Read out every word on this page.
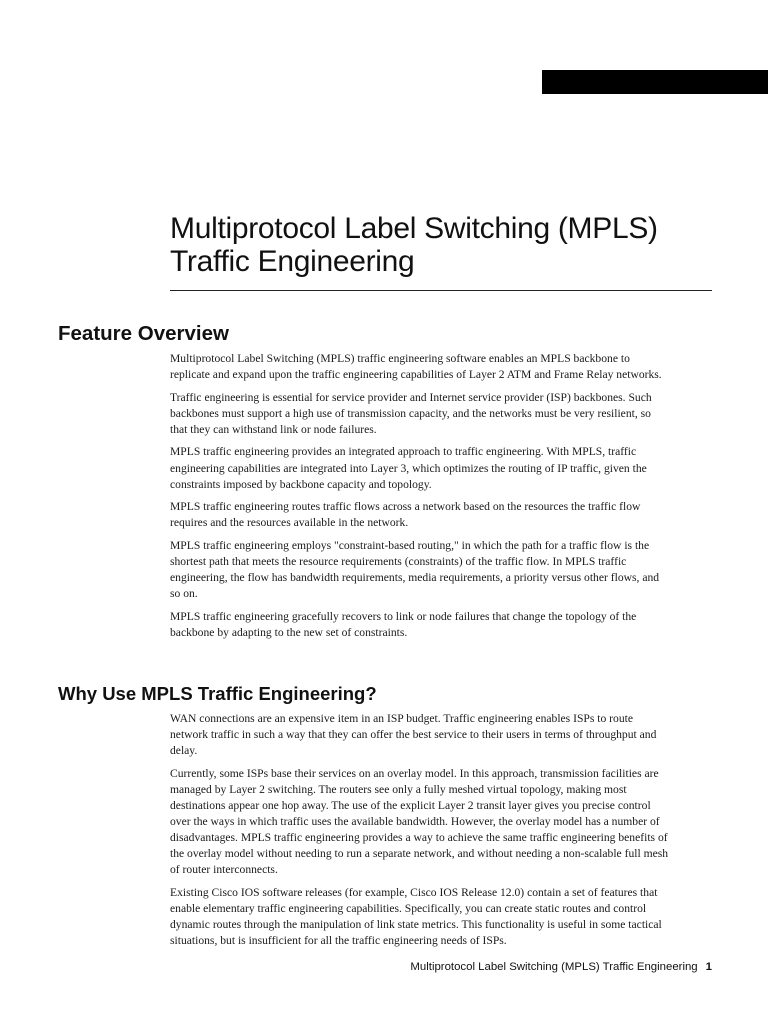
Multiprotocol Label Switching (MPLS)
Traffic Engineering
Feature Overview

Multiprotocol Label Switching (MPLS) traffic engineering software enables an MPLS backbone to replicate and expand upon the traffic engineering capabilities of Layer 2 ATM and Frame Relay networks.

Traffic engineering is essential for service provider and Internet service provider (ISP) backbones. Such backbones must support a high use of transmission capacity, and the networks must be very resilient, so that they can withstand link or node failures.

MPLS traffic engineering provides an integrated approach to traffic engineering. With MPLS, traffic engineering capabilities are integrated into Layer 3, which optimizes the routing of IP traffic, given the constraints imposed by backbone capacity and topology.

MPLS traffic engineering routes traffic flows across a network based on the resources the traffic flow requires and the resources available in the network.

MPLS traffic engineering employs "constraint-based routing," in which the path for a traffic flow is the shortest path that meets the resource requirements (constraints) of the traffic flow. In MPLS traffic engineering, the flow has bandwidth requirements, media requirements, a priority versus other flows, and so on.

MPLS traffic engineering gracefully recovers to link or node failures that change the topology of the backbone by adapting to the new set of constraints.

Why Use MPLS Traffic Engineering?

WAN connections are an expensive item in an ISP budget. Traffic engineering enables ISPs to route network traffic in such a way that they can offer the best service to their users in terms of throughput and delay.

Currently, some ISPs base their services on an overlay model. In this approach, transmission facilities are managed by Layer 2 switching. The routers see only a fully meshed virtual topology, making most destinations appear one hop away. The use of the explicit Layer 2 transit layer gives you precise control over the ways in which traffic uses the available bandwidth. However, the overlay model has a number of disadvantages. MPLS traffic engineering provides a way to achieve the same traffic engineering benefits of the overlay model without needing to run a separate network, and without needing a non-scalable full mesh of router interconnects.

Existing Cisco IOS software releases (for example, Cisco IOS Release 12.0) contain a set of features that enable elementary traffic engineering capabilities. Specifically, you can create static routes and control dynamic routes through the manipulation of link state metrics. This functionality is useful in some tactical situations, but is insufficient for all the traffic engineering needs of ISPs.

Multiprotocol Label Switching (MPLS) Traffic Engineering 1
